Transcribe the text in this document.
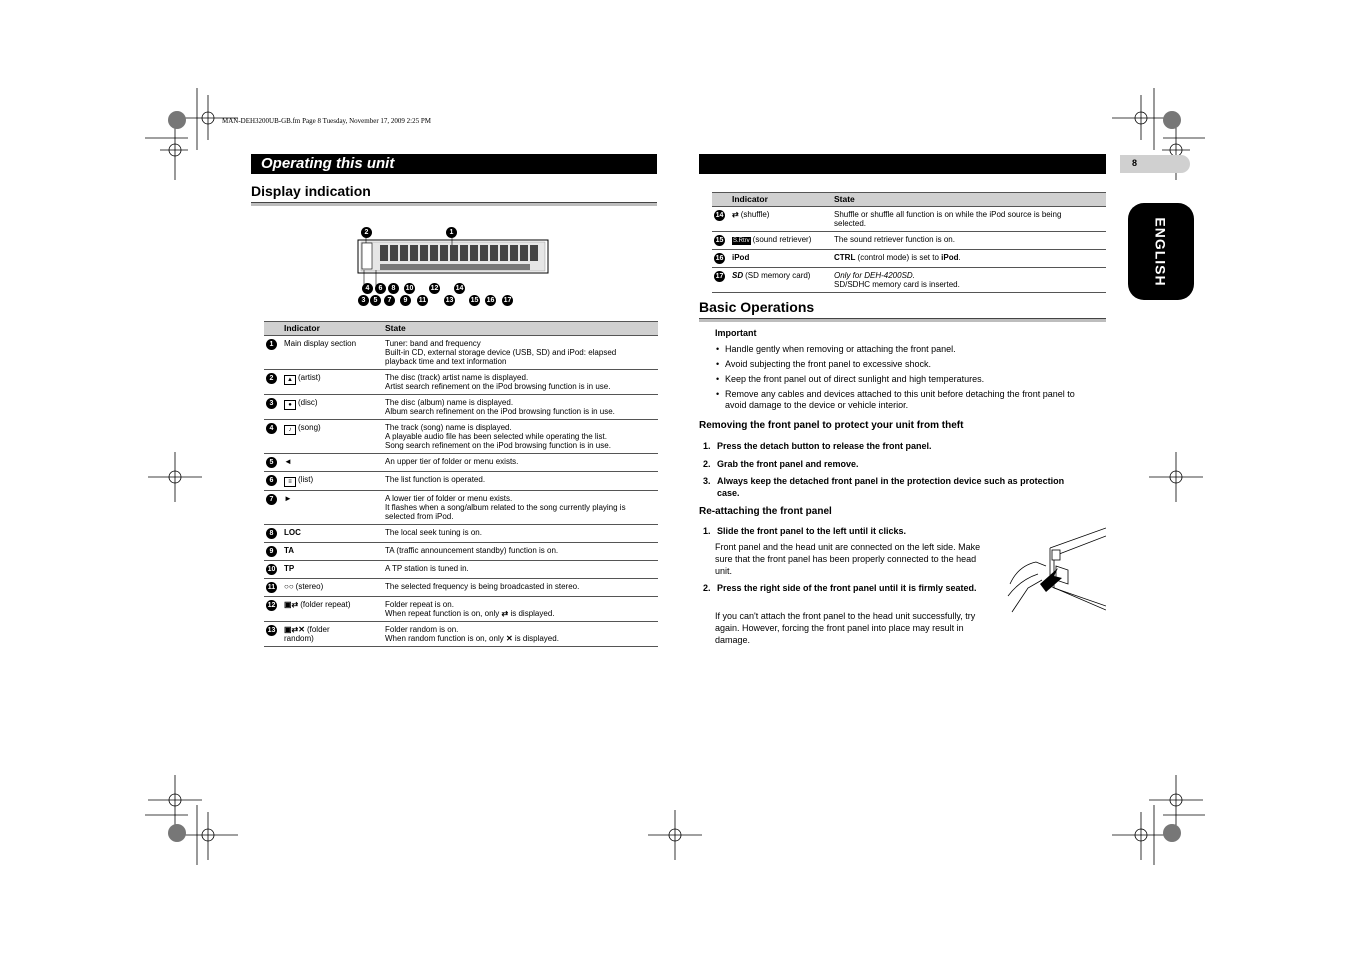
MAN-DEH3200UB-GB.fm Page 8 Tuesday, November 17, 2009 2:25 PM
Operating this unit
Display indication
8
ENGLISH
2	1
4 6 8 10 12 14
3 5 7 9 11	13 15 16 17
	Indicator	State
1	Main display section	Tuner: band and frequency
Built-in CD, external storage device (USB, SD) and iPod: elapsed
playback time and text information

2	▲ (artist)	The disc (track) artist name is displayed.
Artist search refinement on the iPod browsing function is in use.

3	● (disc)	The disc (album) name is displayed.
Album search refinement on the iPod browsing function is in use.

4	♪ (song)	The track (song) name is displayed.
A playable audio file has been selected while operating the list.
Song search refinement on the iPod browsing function is in use.

5	◄	An upper tier of folder or menu exists.
6	≡ (list)	The list function is operated.
7	►	A lower tier of folder or menu exists.
It flashes when a song/album related to the song currently playing is
selected from iPod.

8	LOC	The local seek tuning is on.
9	TA	TA (traffic announcement standby) function is on.
10	TP	A TP station is tuned in.
11	○○ (stereo)	The selected frequency is being broadcasted in stereo.
12	▣⇄ (folder repeat)	Folder repeat is on.
When repeat function is on, only ⇄ is displayed.
13	▣⇄✕ (folder
random)	Folder random is on.
When random function is on, only ✕ is displayed.
	Indicator	State
14	⇄ (shuffle)	Shuffle or shuffle all function is on while the iPod source is being
selected.

15	S.Rtrv (sound retriever)	The sound retriever function is on.
16	iPod	CTRL (control mode) is set to iPod.
17	SD (SD memory card)	Only for DEH-4200SD.
SD/SDHC memory card is inserted.
Basic Operations
Important
• Handle gently when removing or attaching the front panel.
• Avoid subjecting the front panel to excessive shock.
• Keep the front panel out of direct sunlight and high temperatures.
• Remove any cables and devices attached to this unit before detaching the front panel to avoid damage to the device or vehicle interior.
Removing the front panel to protect your unit from theft
1. Press the detach button to release the front panel.
2. Grab the front panel and remove.
3. Always keep the detached front panel in the protection device such as protection case.
Re-attaching the front panel
1. Slide the front panel to the left until it clicks.
Front panel and the head unit are connected on the left side. Make sure that the front panel has been properly connected to the head unit.
2. Press the right side of the front panel until it is firmly seated.
If you can't attach the front panel to the head unit successfully, try again. However, forcing the front panel into place may result in damage.
